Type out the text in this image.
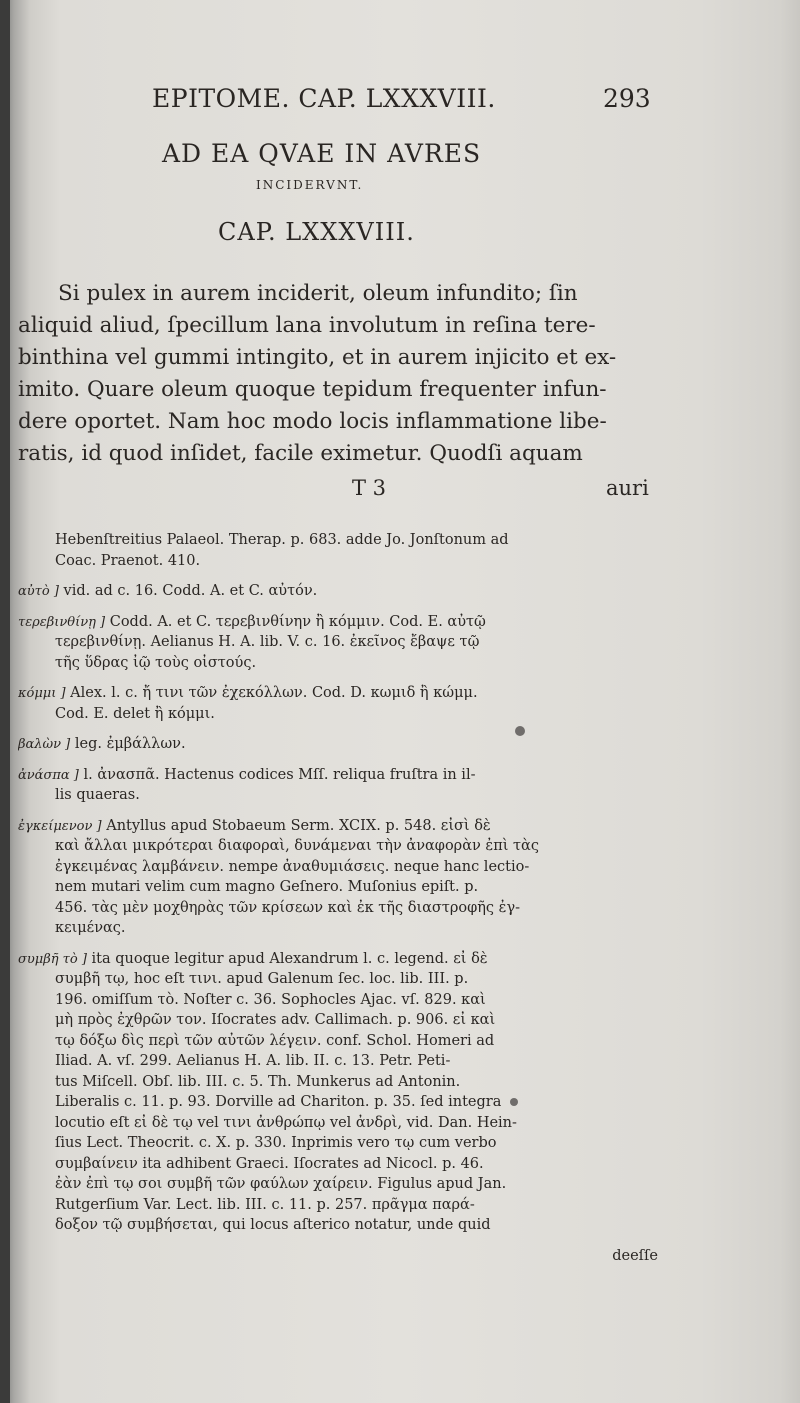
EPITOME. CAP. LXXXVIII.	293
AD EA QVAE IN AVRES
INCIDERVNT.
CAP. LXXXVIII.
Si pulex in aurem inciderit, oleum infundito; ſin
aliquid aliud, ſpecillum lana involutum in reſina tere-
binthina vel gummi intingito, et in aurem injicito et ex-
imito. Quare oleum quoque tepidum frequenter infun-
dere oportet. Nam hoc modo locis inflammatione libe-
ratis, id quod inſidet, facile eximetur. Quodſi aquam
T 3	auri
Hebenſtreitius Palaeol. Therap. p. 683. adde Jo. Jonſtonum ad
Coac. Praenot. 410.
αὐτὸ ] vid. ad c. 16. Codd. A. et C. αὐτόν.
τερεβινθίνῃ ] Codd. A. et C. τερεβινθίνην ἢ κόμμιν. Cod. E. αὐτῷ
τερεβινθίνῃ. Aelianus H. A. lib. V. c. 16. ἐκεῖνος ἔβαψε τῷ
τῆς ὕδρας ἰῷ τοὺς οἰστούς.
κόμμι ] Alex. l. c. ἤ τινι τῶν ἐχεκόλλων. Cod. D. κωμιδ ἢ κώμμ.
Cod. E. delet ἢ κόμμι.
βαλὼν ] leg. ἐμβάλλων.
ἀνάσπα ] l. ἀνασπᾶ. Hactenus codices Mſſ. reliqua fruſtra in il-
lis quaeras.
ἐγκείμενον ] Antyllus apud Stobaeum Serm. XCIX. p. 548. εἰσὶ δὲ
καὶ ἄλλαι μικρότεραι διαφοραὶ, δυνάμεναι τὴν ἀναφορὰν ἐπὶ τὰς
ἐγκειμένας λαμβάνειν. nempe ἀναθυμιάσεις. neque hanc lectio-
nem mutari velim cum magno Geſnero. Muſonius epiſt. p.
456. τὰς μὲν μοχθηρὰς τῶν κρίσεων καὶ ἐκ τῆς διαστροφῆς ἐγ-
κειμένας.
συμβῆ τὸ ] ita quoque legitur apud Alexandrum l. c. legend. εἰ δὲ
συμβῆ τῳ, hoc eſt τινι. apud Galenum ſec. loc. lib. III. p.
196. omiſſum τὸ. Noſter c. 36. Sophocles Ajac. vſ. 829. καὶ
μὴ πρὸς ἐχθρῶν τον. Iſocrates adv. Callimach. p. 906. εἰ καὶ
τῳ δόξω δὶς περὶ τῶν αὐτῶν λέγειν. conf. Schol. Homeri ad
Iliad. A. vſ. 299. Aelianus H. A. lib. II. c. 13. Petr. Peti-
tus Miſcell. Obſ. lib. III. c. 5. Th. Munkerus ad Antonin.
Liberalis c. 11. p. 93. Dorville ad Chariton. p. 35. ſed integra
locutio eſt εἰ δὲ τῳ vel τινι ἀνθρώπῳ vel ἀνδρὶ, vid. Dan. Hein-
ſius Lect. Theocrit. c. X. p. 330. Inprimis vero τῳ cum verbo
συμβαίνειν ita adhibent Graeci. Iſocrates ad Nicocl. p. 46.
ἐὰν ἐπὶ τῳ σοι συμβῆ τῶν φαύλων χαίρειν. Figulus apud Jan.
Rutgerſium Var. Lect. lib. III. c. 11. p. 257. πρᾶγμα παρά-
δοξον τῷ συμβήσεται, qui locus aſterico notatur, unde quid
deeſſe
